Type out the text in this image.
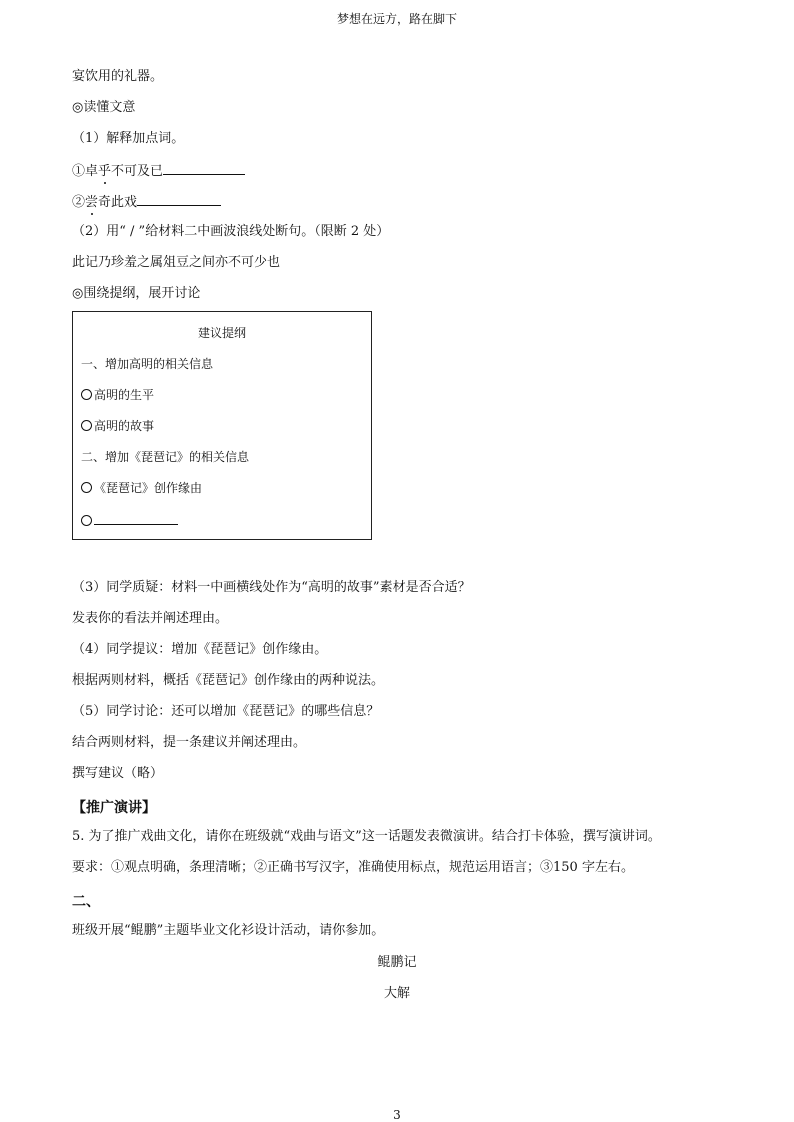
梦想在远方，路在脚下
宴饮用的礼器。
◎读懂文意
（1）解释加点词。
①卓乎不可及已
②尝奇此戏
（2）用“ / ”给材料二中画波浪线处断句。（限断 2 处）
此记乃珍羞之属俎豆之间亦不可少也
◎围绕提纲，展开讨论
建议提纲
一、增加高明的相关信息
高明的生平
高明的故事
二、增加《琵琶记》的相关信息
《琵琶记》创作缘由
（3）同学质疑：材料一中画横线处作为“高明的故事”素材是否合适？
发表你的看法并阐述理由。
（4）同学提议：增加《琵琶记》创作缘由。
根据两则材料，概括《琵琶记》创作缘由的两种说法。
（5）同学讨论：还可以增加《琵琶记》的哪些信息？
结合两则材料，提一条建议并阐述理由。
撰写建议（略）
【推广演讲】
5. 为了推广戏曲文化，请你在班级就“戏曲与语文”这一话题发表微演讲。结合打卡体验，撰写演讲词。
要求：①观点明确，条理清晰；②正确书写汉字，准确使用标点，规范运用语言；③150 字左右。
二、
班级开展“鲲鹏”主题毕业文化衫设计活动，请你参加。
鲲鹏记
大解
3
